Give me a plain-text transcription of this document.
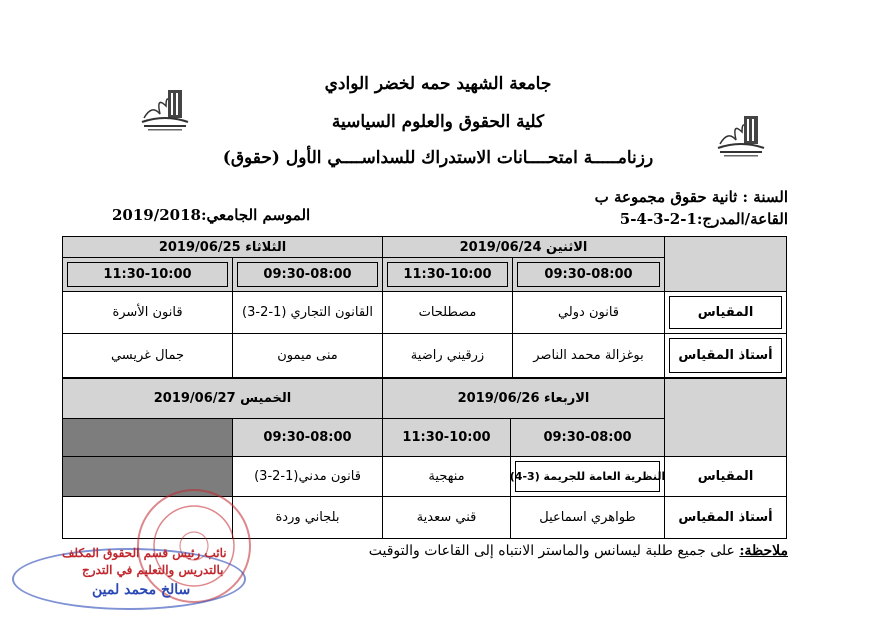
جامعة الشهيد حمه لخضر الوادي
كلية الحقوق والعلوم السياسية
رزنامـــــة امتحــــانات الاستدراك للسداســــي الأول (حقوق)
السنة : ثانية حقوق مجموعة ب
القاعة/المدرج:1-2-3-4-5
الموسم الجامعي:2019/2018
	الاثنين 2019/06/24		الثلاثاء 2019/06/25	

09:30-08:00	11:30-10:00	09:30-08:00	11:30-10:00

المقياس	قانون دولي	مصطلحات	القانون التجاري (1-2-3)	قانون الأسرة

أستاذ المقياس	بوغزالة محمد الناصر	زرقيني راضية	منى ميمون	جمال غريسي
	الاربعاء 2019/06/26		الخميس 2019/06/27	
	09:30-08:00	11:30-10:00	09:30-08:00	
المقياس	النظرية العامة للجريمة (3-4)	منهجية	قانون مدني(1-2-3)	
أستاذ المقياس	طواهري اسماعيل	قني سعدية	بلجاني وردة	
ملاحظة: على جميع طلبة ليسانس والماستر الانتباه إلى القاعات والتوقيت
نائب رئيس قسم الحقوق المكلف
بالتدريس والتعليم في التدرج
سالخ محمد لمين
